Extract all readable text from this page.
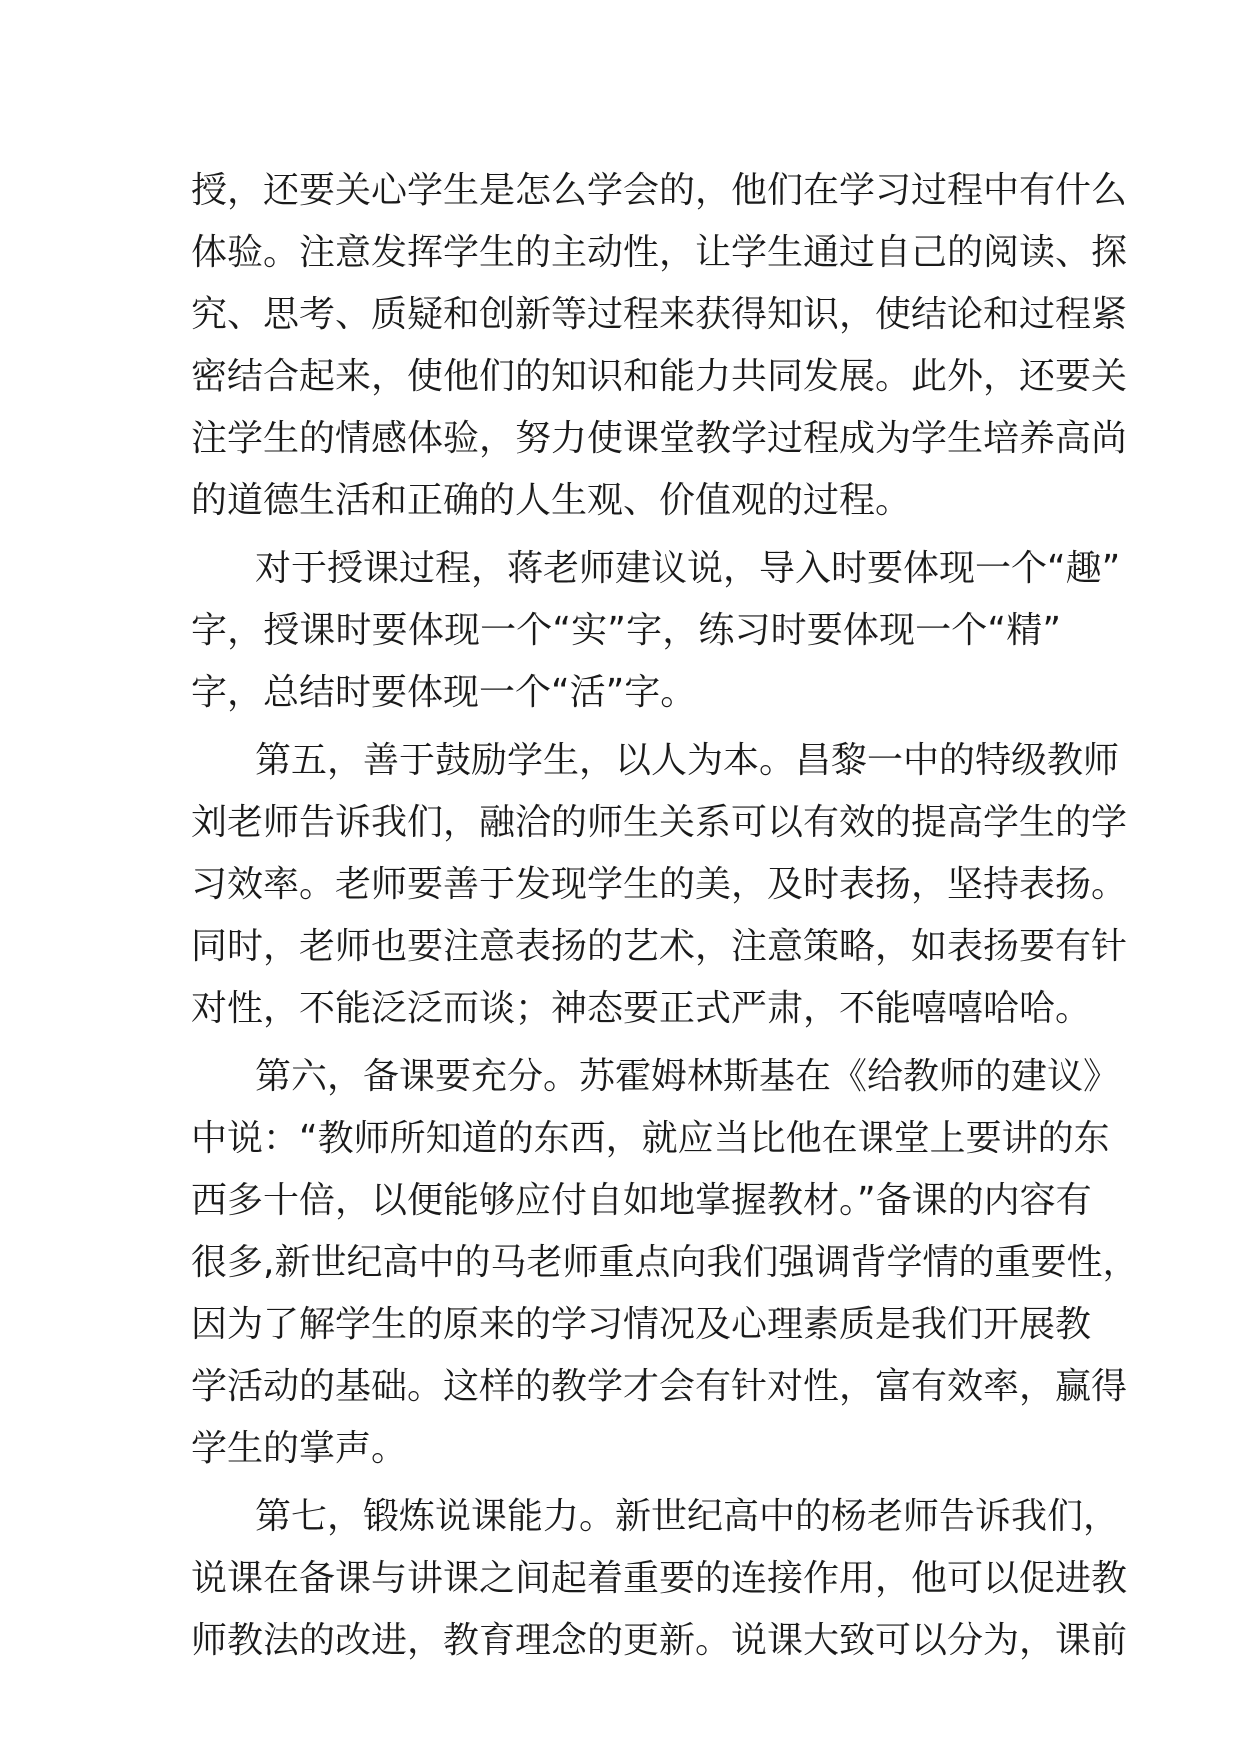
授，还要关心学生是怎么学会的，他们在学习过程中有什么
体验。注意发挥学生的主动性，让学生通过自己的阅读、探
究、思考、质疑和创新等过程来获得知识，使结论和过程紧
密结合起来，使他们的知识和能力共同发展。此外，还要关
注学生的情感体验，努力使课堂教学过程成为学生培养高尚
的道德生活和正确的人生观、价值观的过程。
对于授课过程，蒋老师建议说，导入时要体现一个“趣”
字，授课时要体现一个“实”字，练习时要体现一个“精”
字，总结时要体现一个“活”字。
第五，善于鼓励学生，以人为本。昌黎一中的特级教师
刘老师告诉我们，融洽的师生关系可以有效的提高学生的学
习效率。老师要善于发现学生的美，及时表扬，坚持表扬。
同时，老师也要注意表扬的艺术，注意策略，如表扬要有针
对性，不能泛泛而谈；神态要正式严肃，不能嘻嘻哈哈。
第六，备课要充分。苏霍姆林斯基在《给教师的建议》
中说：“教师所知道的东西，就应当比他在课堂上要讲的东
西多十倍，以便能够应付自如地掌握教材。”备课的内容有
很多,新世纪高中的马老师重点向我们强调背学情的重要性，
因为了解学生的原来的学习情况及心理素质是我们开展教
学活动的基础。这样的教学才会有针对性，富有效率，赢得
学生的掌声。
第七，锻炼说课能力。新世纪高中的杨老师告诉我们，
说课在备课与讲课之间起着重要的连接作用，他可以促进教
师教法的改进，教育理念的更新。说课大致可以分为，课前
